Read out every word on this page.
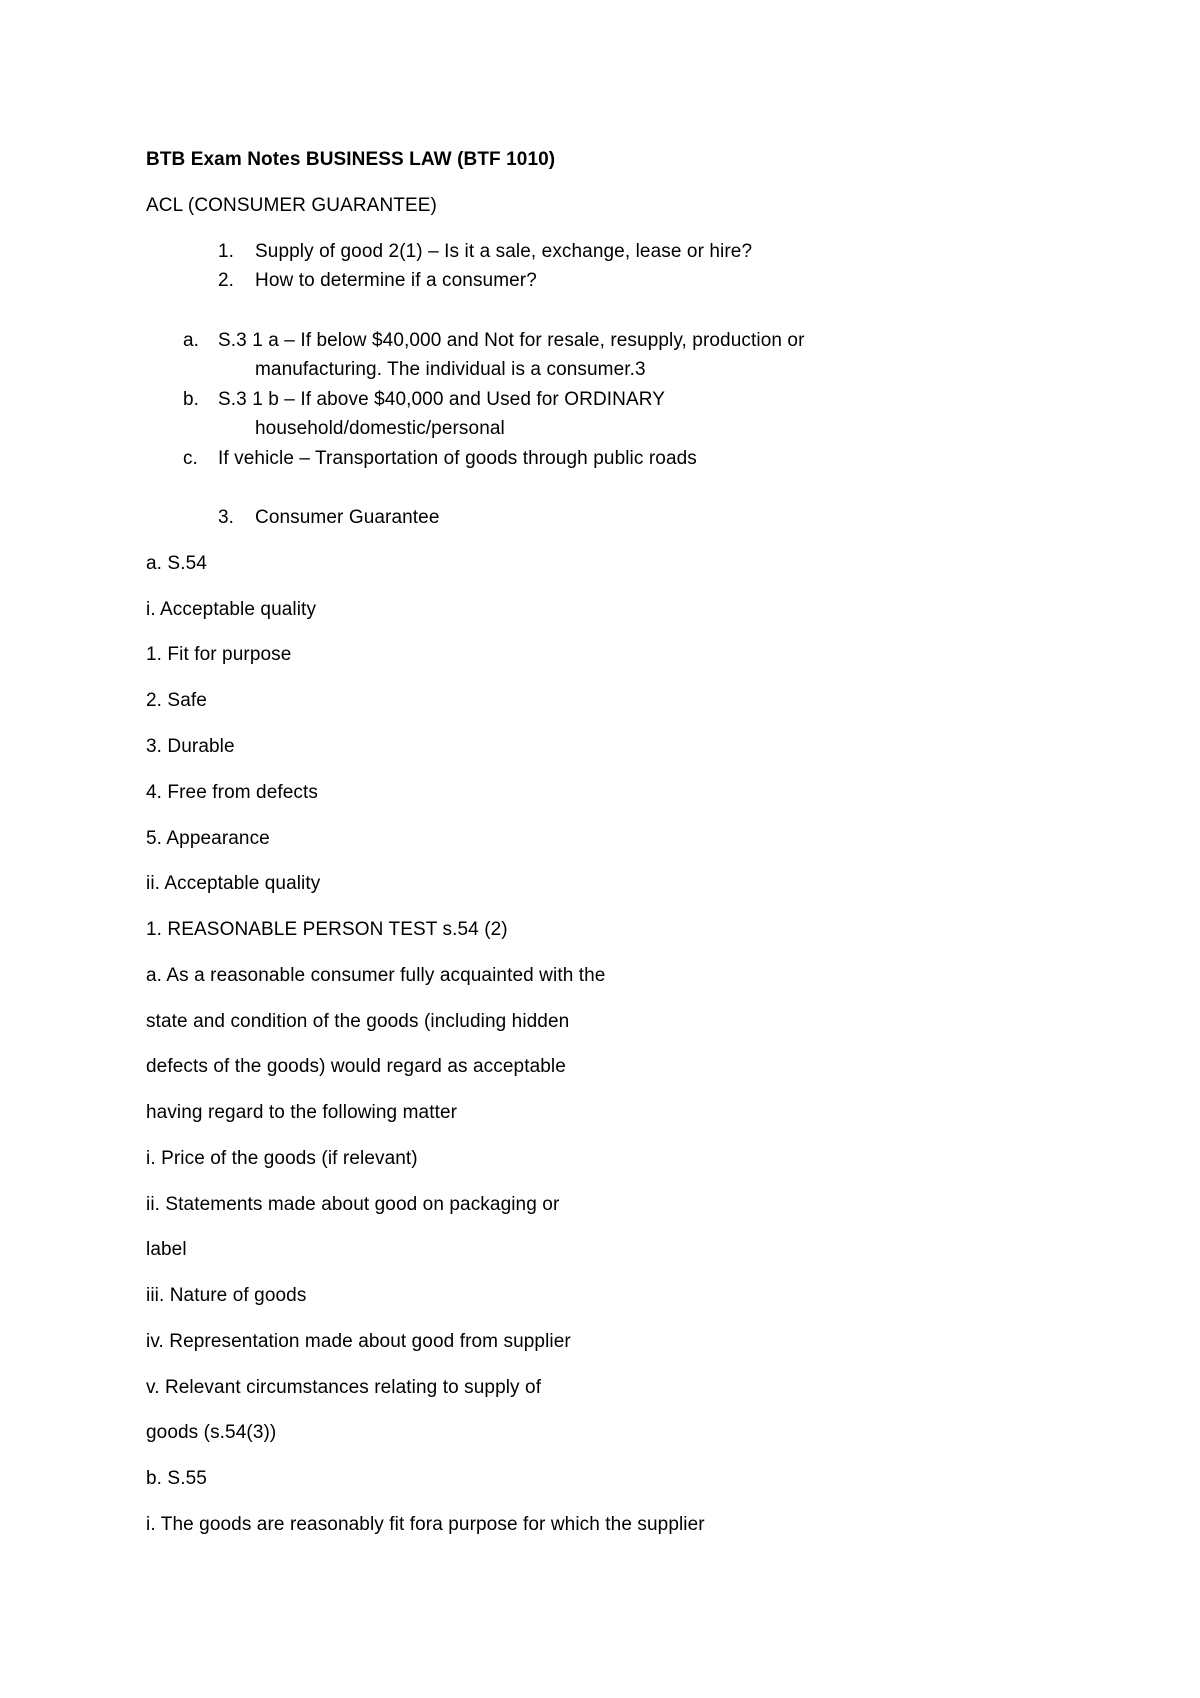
BTB Exam Notes BUSINESS LAW (BTF 1010)
ACL (CONSUMER GUARANTEE)
1. Supply of good 2(1) – Is it a sale, exchange, lease or hire?
2. How to determine if a consumer?
a. S.3 1 a – If below $40,000 and Not for resale, resupply, production or
manufacturing. The individual is a consumer.3
b. S.3 1 b – If above $40,000 and Used for ORDINARY
household/domestic/personal
c. If vehicle – Transportation of goods through public roads
3. Consumer Guarantee
a. S.54
i. Acceptable quality
1. Fit for purpose
2. Safe
3. Durable
4. Free from defects
5. Appearance
ii. Acceptable quality
1. REASONABLE PERSON TEST s.54 (2)
a. As a reasonable consumer fully acquainted with the
state and condition of the goods (including hidden
defects of the goods) would regard as acceptable
having regard to the following matter
i. Price of the goods (if relevant)
ii. Statements made about good on packaging or
label
iii. Nature of goods
iv. Representation made about good from supplier
v. Relevant circumstances relating to supply of
goods (s.54(3))
b. S.55
i. The goods are reasonably fit fora purpose for which the supplier
